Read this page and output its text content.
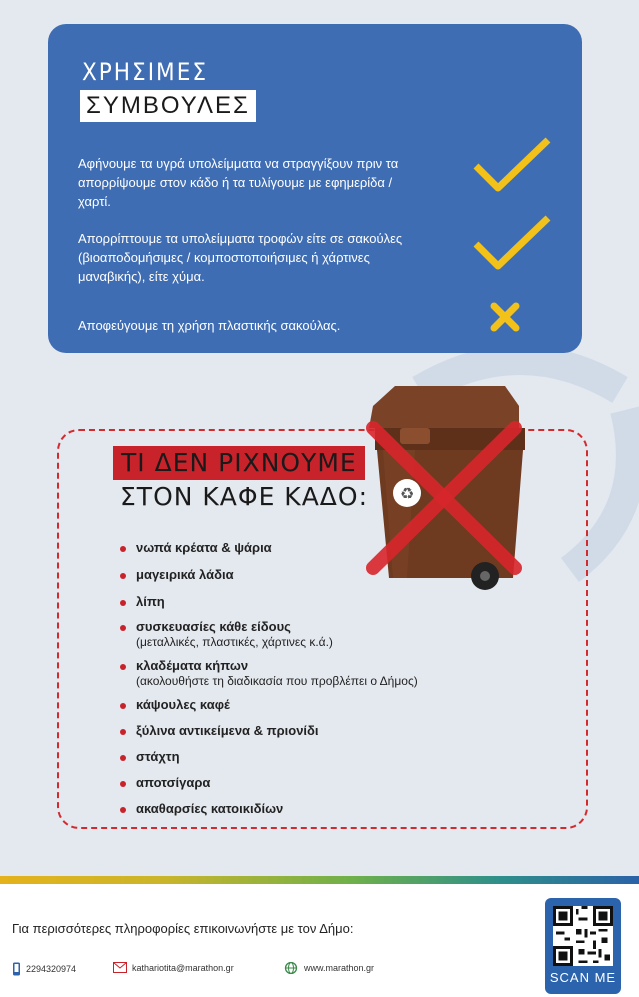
ΧΡΗΣΙΜΕΣ
ΣΥΜΒΟΥΛΕΣ

Αφήνουμε τα υγρά υπολείμματα να στραγγίξουν πριν τα απορρίψουμε στον κάδο ή τα τυλίγουμε με εφημερίδα / χαρτί.

Απορρίπτουμε τα υπολείμματα τροφών είτε σε σακούλες (βιοαποδομήσιμες / κομποστοποιήσιμες ή χάρτινες μαναβικής), είτε χύμα.

Αποφεύγουμε τη χρήση πλαστικής σακούλας.

ΤΙ ΔΕΝ ΡΙΧΝΟΥΜΕ
ΣΤΟΝ ΚΑΦΕ ΚΑΔΟ: ♻
νωπά κρέατα & ψάρια
μαγειρικά λάδια
λίπη
συσκευασίες κάθε είδους
(μεταλλικές, πλαστικές, χάρτινες κ.ά.)
κλαδέματα κήπων
(ακολουθήστε τη διαδικασία που προβλέπει ο Δήμος)
κάψουλες καφέ
ξύλινα αντικείμενα & πριονίδι
στάχτη
αποτσίγαρα
ακαθαρσίες κατοικιδίων
Για περισσότερες πληροφορίες επικοινωνήστε με τον Δήμο:
2294320974	kathariotita@marathon.gr	www.marathon.gr
SCAN ME
